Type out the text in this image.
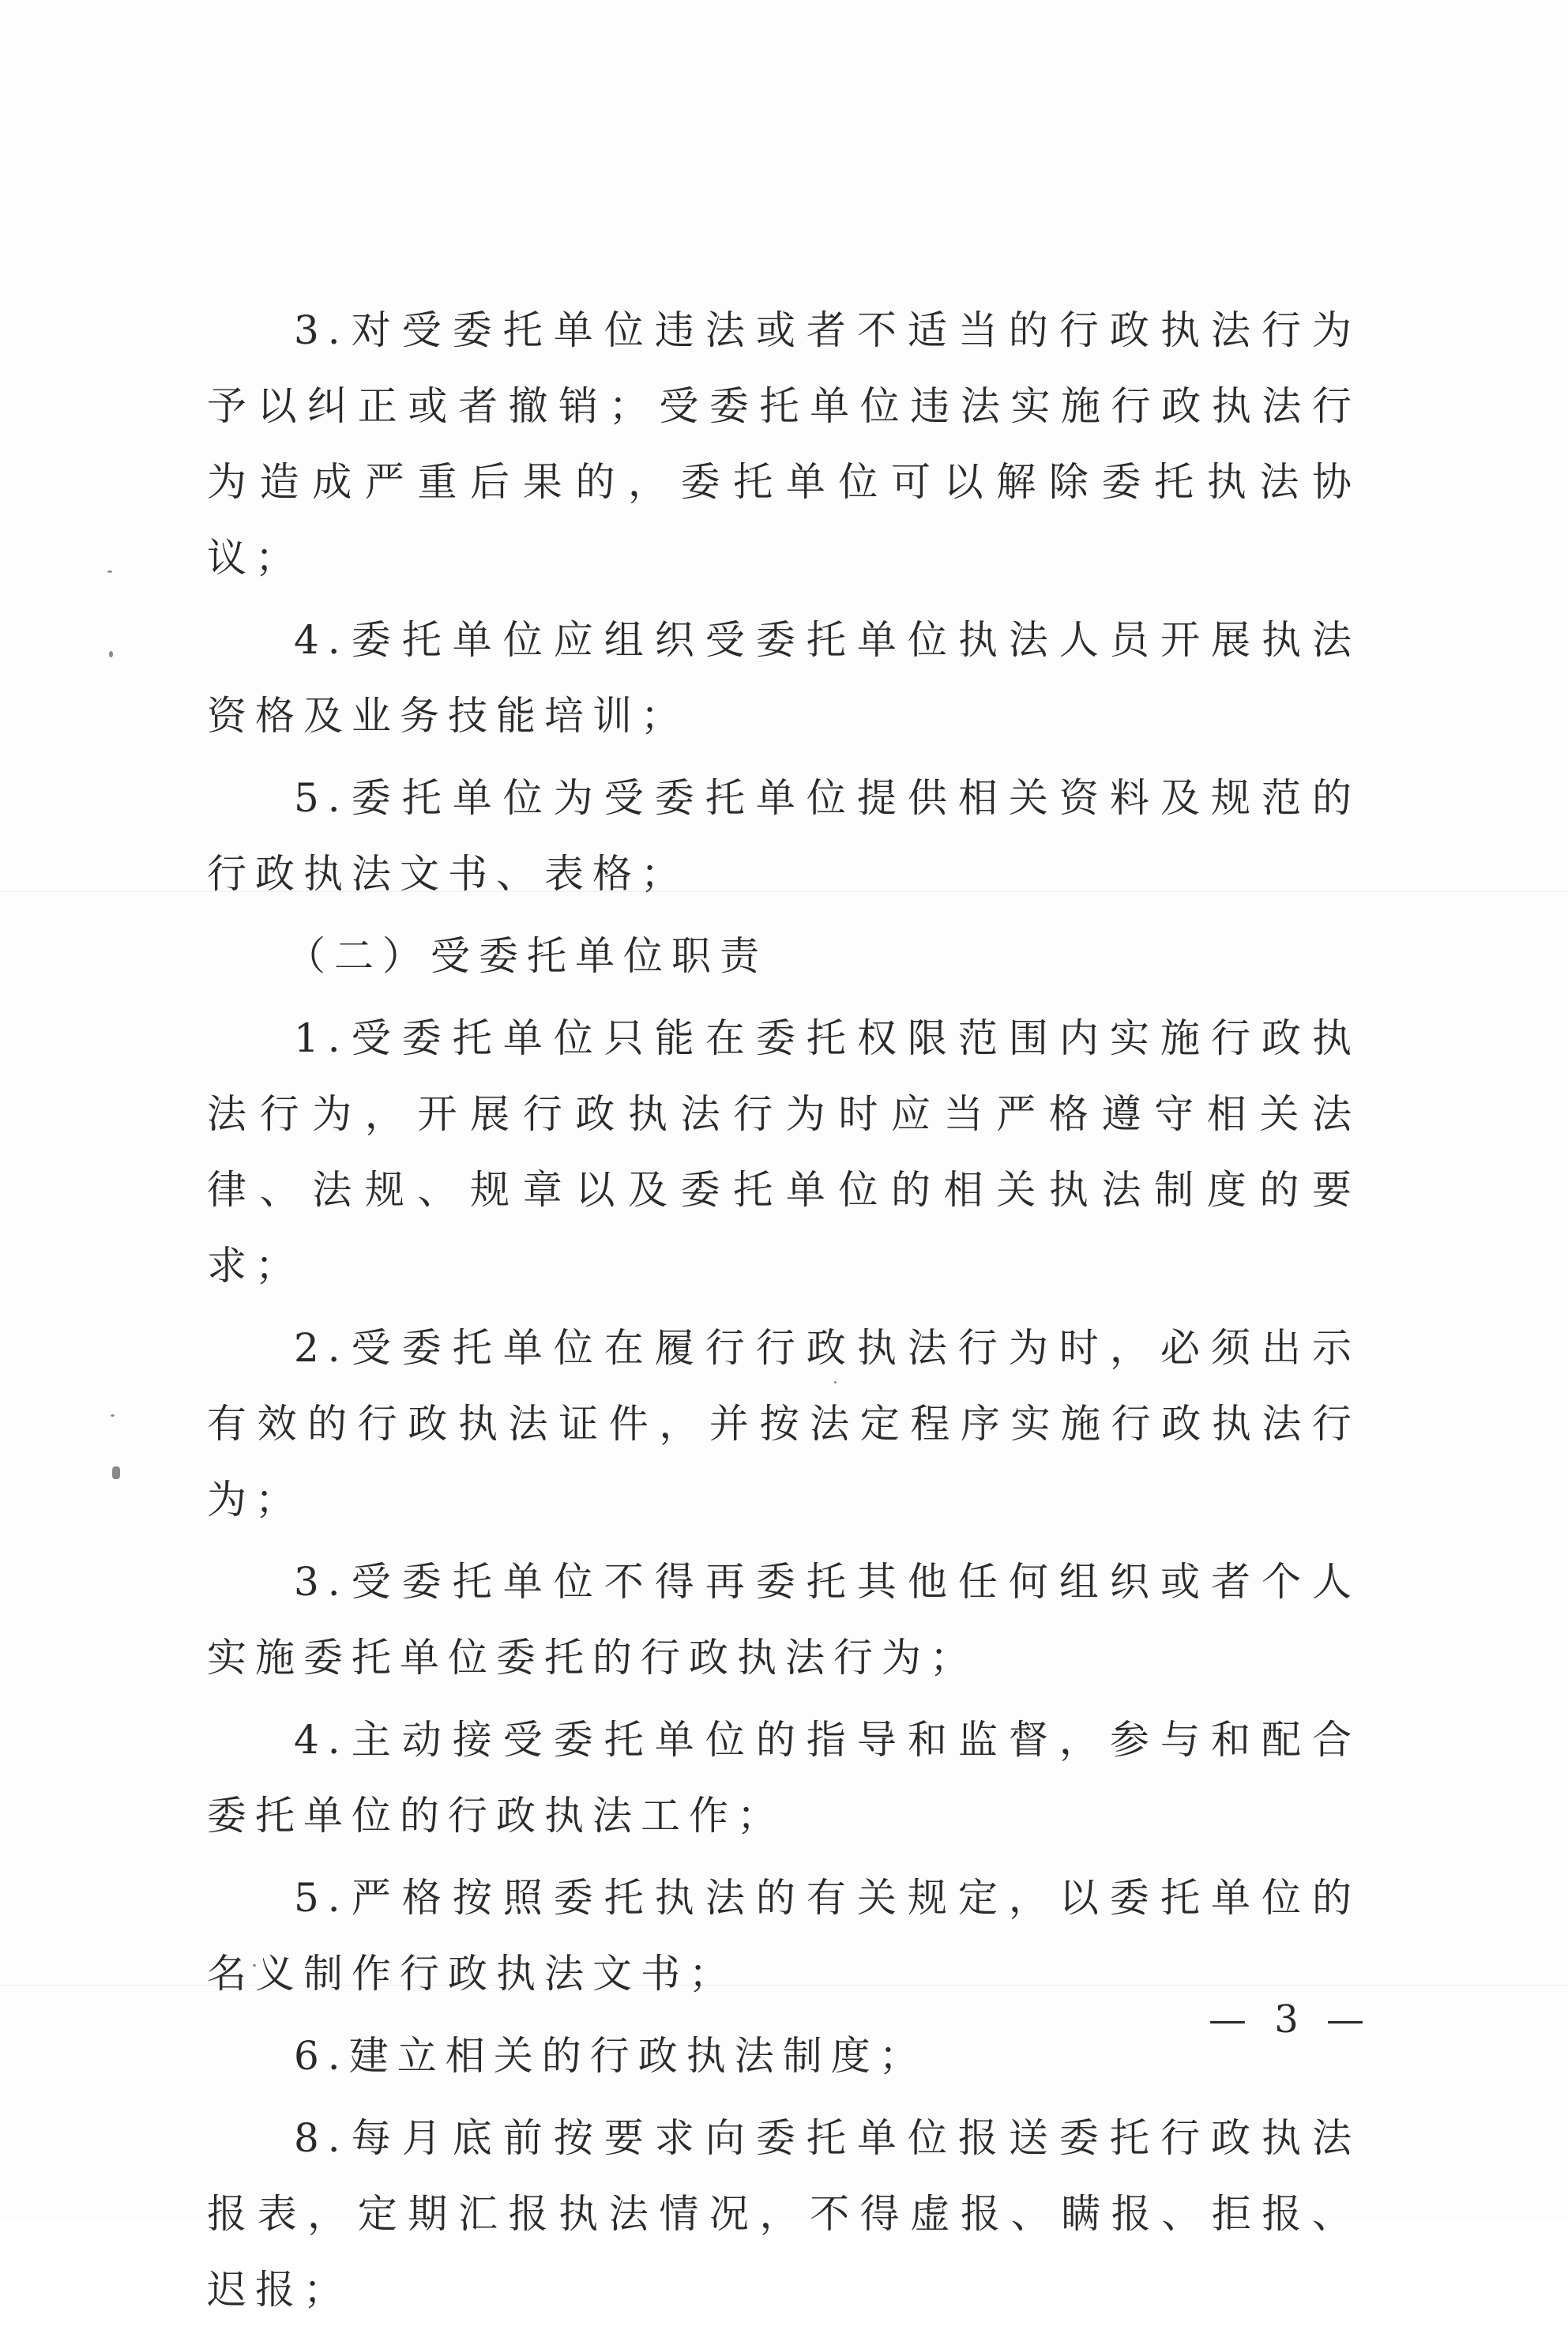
3.对受委托单位违法或者不适当的行政执法行为予以纠正或者撤销；受委托单位违法实施行政执法行为造成严重后果的，委托单位可以解除委托执法协议；

4.委托单位应组织受委托单位执法人员开展执法资格及业务技能培训；

5.委托单位为受委托单位提供相关资料及规范的行政执法文书、表格；

（二）受委托单位职责

1.受委托单位只能在委托权限范围内实施行政执法行为，开展行政执法行为时应当严格遵守相关法律、法规、规章以及委托单位的相关执法制度的要求；

2.受委托单位在履行行政执法行为时，必须出示有效的行政执法证件，并按法定程序实施行政执法行为；

3.受委托单位不得再委托其他任何组织或者个人实施委托单位委托的行政执法行为；

4.主动接受委托单位的指导和监督，参与和配合委托单位的行政执法工作；

5.严格按照委托执法的有关规定，以委托单位的名义制作行政执法文书；

6.建立相关的行政执法制度；

8.每月底前按要求向委托单位报送委托行政执法报表，定期汇报执法情况，不得虚报、瞒报、拒报、迟报；

— 3 —
